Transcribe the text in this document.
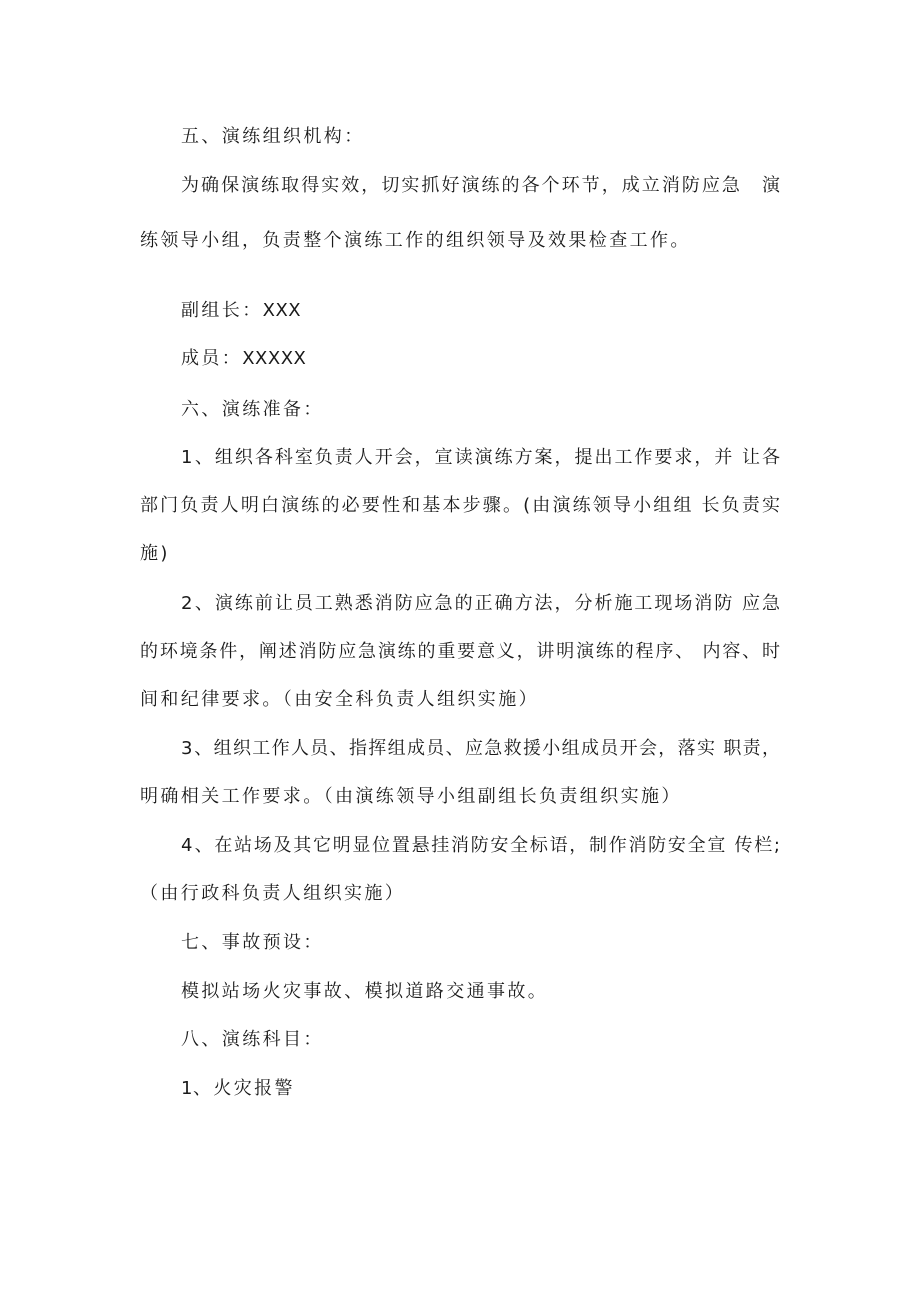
五、演练组织机构：
为确保演练取得实效，切实抓好演练的各个环节，成立消防应急　演
练领导小组，负责整个演练工作的组织领导及效果检查工作。
副组长：XXX
成员：XXXXX
六、演练准备：
1、组织各科室负责人开会，宣读演练方案，提出工作要求，并 让各
部门负责人明白演练的必要性和基本步骤。(由演练领导小组组 长负责实
施)
2、演练前让员工熟悉消防应急的正确方法，分析施工现场消防 应急
的环境条件，阐述消防应急演练的重要意义，讲明演练的程序、 内容、时
间和纪律要求。（由安全科负责人组织实施）
3、组织工作人员、指挥组成员、应急救援小组成员开会，落实 职责，
明确相关工作要求。（由演练领导小组副组长负责组织实施）
4、在站场及其它明显位置悬挂消防安全标语，制作消防安全宣 传栏;
（由行政科负责人组织实施）
七、事故预设：
模拟站场火灾事故、模拟道路交通事故。
八、演练科目：
1、火灾报警
